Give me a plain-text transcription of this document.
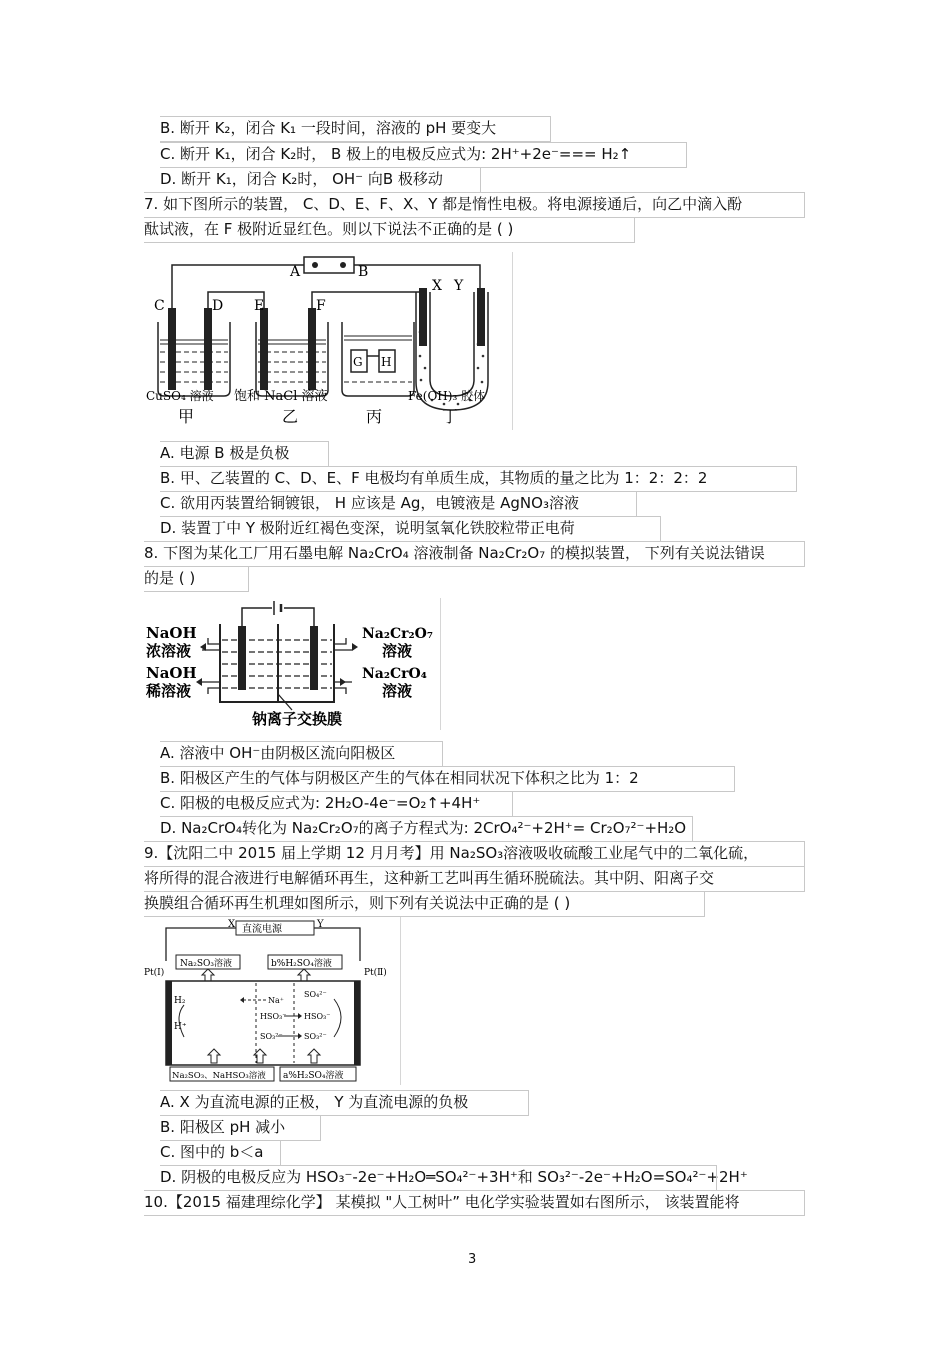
B. 断开 K₂，闭合 K₁ 一段时间，溶液的 pH 要变大
C. 断开 K₁，闭合 K₂时， B 极上的电极反应式为: 2H⁺+2e⁻=== H₂↑
D. 断开 K₁，闭合 K₂时， OH⁻ 向B 极移动
7. 如下图所示的装置， C、D、E、F、X、Y 都是惰性电极。将电源接通后，向乙中滴入酚
酞试液，在 F 极附近显红色。则以下说法不正确的是 ( )
A	B
C	D E	F
G H
X Y
CuSO₄ 溶液 饱和 NaCl 溶液	Fe(OH)₃ 胶体
甲	乙	丙	丁
A. 电源 B 极是负极
B. 甲、乙装置的 C、D、E、F 电极均有单质生成，其物质的量之比为 1：2：2：2
C. 欲用丙装置给铜镀银， H 应该是 Ag，电镀液是 AgNO₃溶液
D. 装置丁中 Y 极附近红褐色变深，说明氢氧化铁胶粒带正电荷
8. 下图为某化工厂用石墨电解 Na₂CrO₄ 溶液制备 Na₂Cr₂O₇ 的模拟装置， 下列有关说法错误
的是 ( )
NaOH
浓溶液
NaOH
稀溶液
Na₂Cr₂O₇
溶液
Na₂CrO₄
溶液
钠离子交换膜
A. 溶液中 OH⁻由阴极区流向阳极区
B. 阳极区产生的气体与阴极区产生的气体在相同状况下体积之比为 1：2
C. 阳极的电极反应式为: 2H₂O-4e⁻=O₂↑+4H⁺
D. Na₂CrO₄转化为 Na₂Cr₂O₇的离子方程式为: 2CrO₄²⁻+2H⁺= Cr₂O₇²⁻+H₂O
9.【沈阳二中 2015 届上学期 12 月月考】用 Na₂SO₃溶液吸收硫酸工业尾气中的二氧化硫，
将所得的混合液进行电解循环再生，这种新工艺叫再生循环脱硫法。其中阴、阳离子交
换膜组合循环再生机理如图所示，则下列有关说法中正确的是 ( )
直流电源
X	Y
Na₂SO₃溶液	b%H₂SO₄溶液
Pt(Ⅰ)	Pt(Ⅱ)
H₂
H⁺
Na⁺
SO₄²⁻
HSO₃⁻ HSO₃⁻
SO₃²⁻	SO₃²⁻
Na₂SO₃、NaHSO₃溶液 a%H₂SO₄溶液
A. X 为直流电源的正极， Y 为直流电源的负极
B. 阳极区 pH 减小
C. 图中的 b＜a
D. 阴极的电极反应为 HSO₃⁻-2e⁻+H₂O═SO₄²⁻+3H⁺和 SO₃²⁻-2e⁻+H₂O=SO₄²⁻+2H⁺
10.【2015 福建理综化学】 某模拟 "人工树叶” 电化学实验装置如右图所示， 该装置能将
3
